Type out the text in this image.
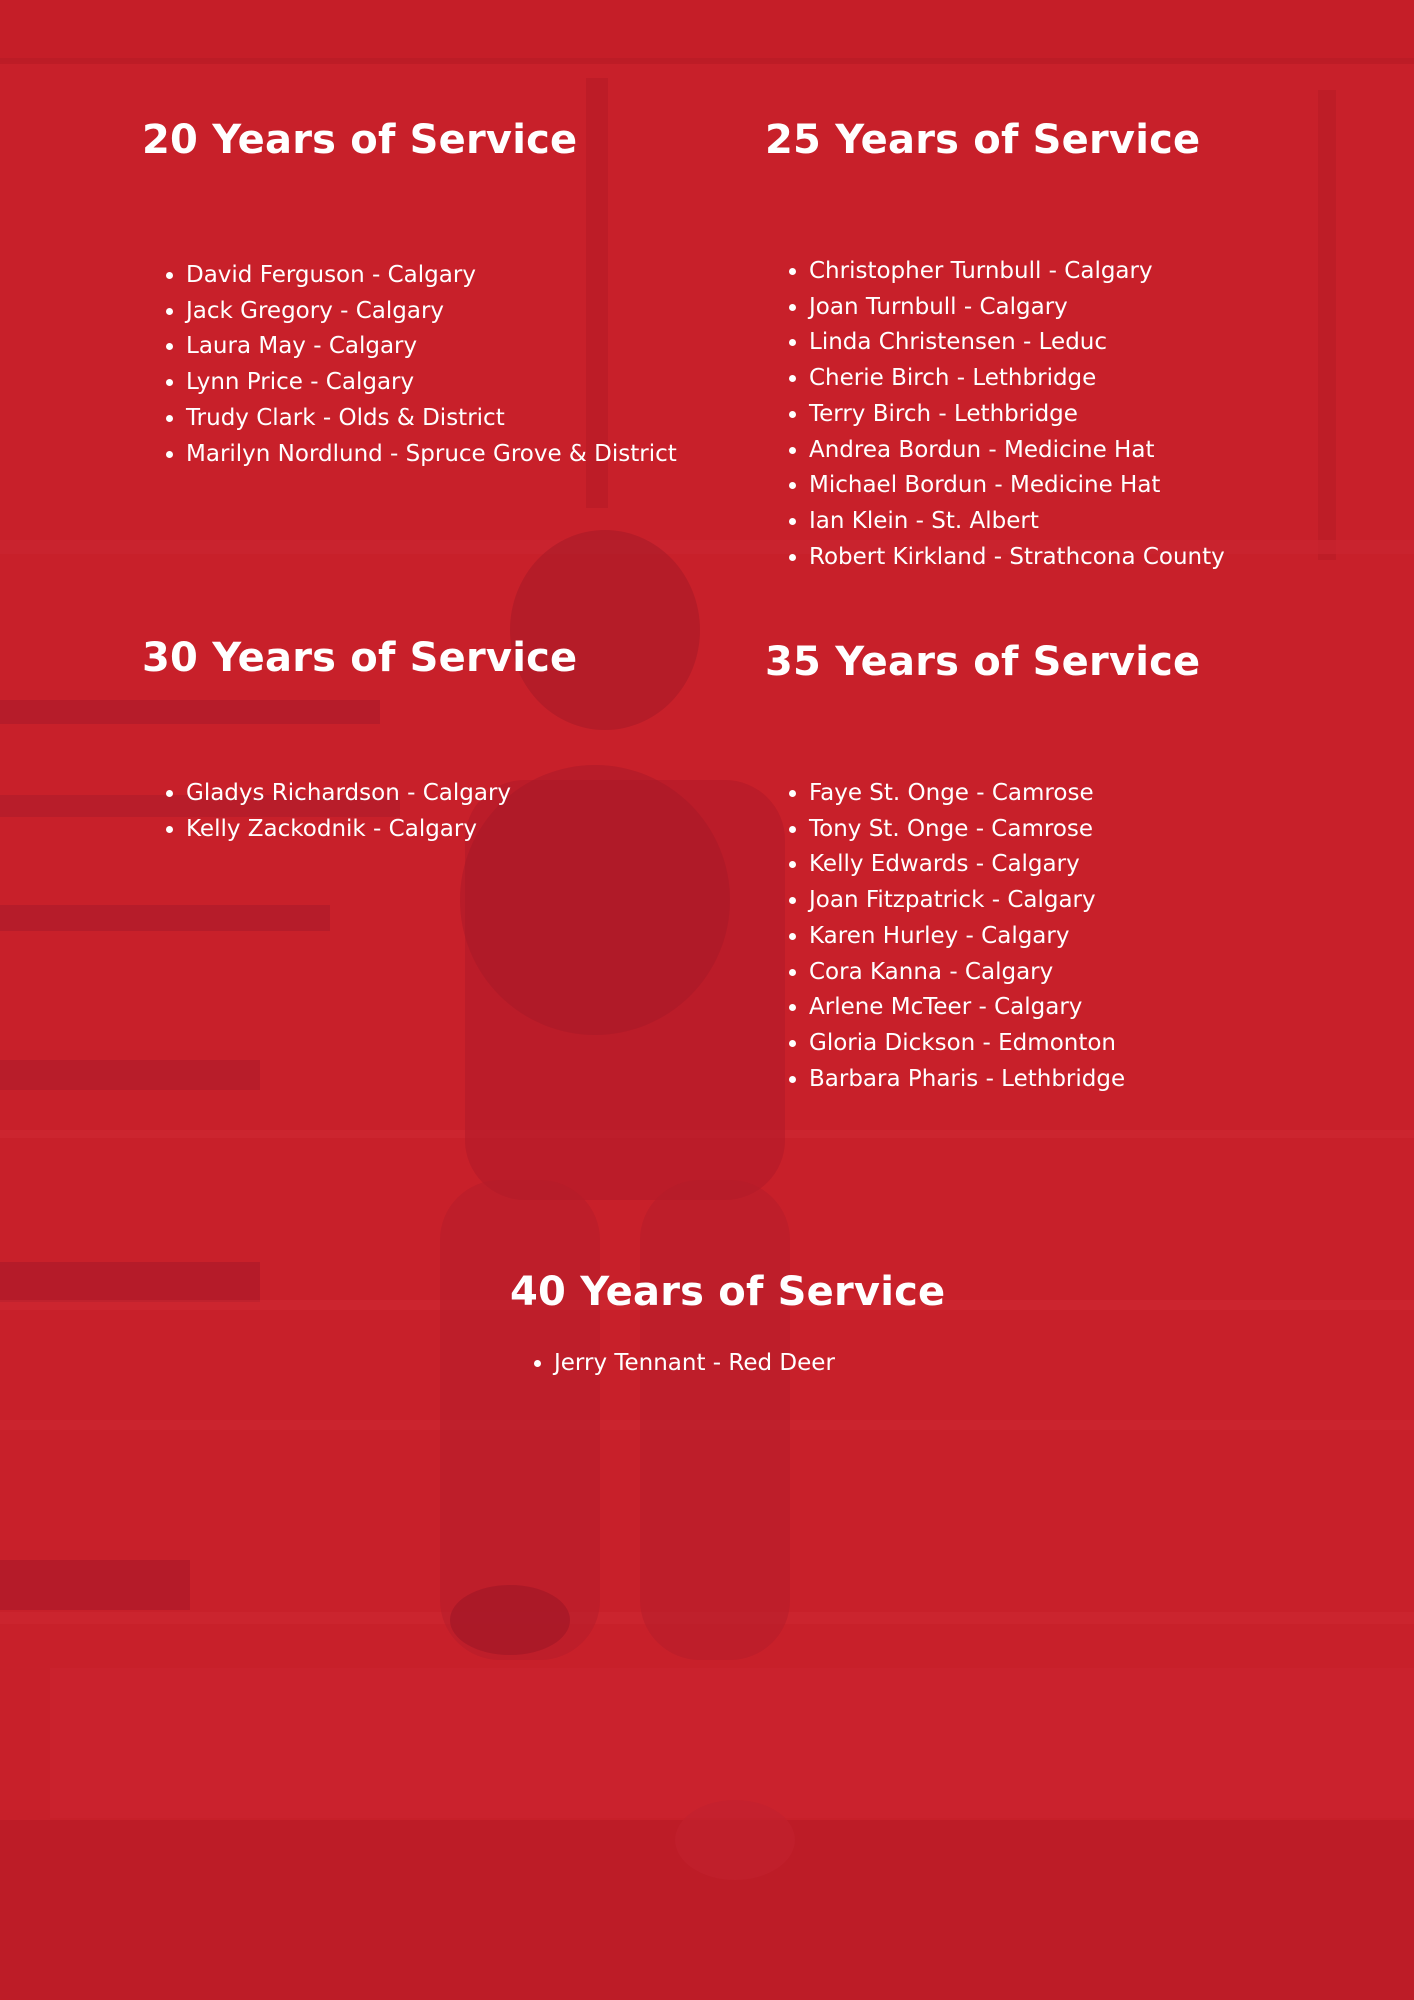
20 Years of Service
• David Ferguson - Calgary
• Jack Gregory - Calgary
• Laura May - Calgary
• Lynn Price - Calgary
• Trudy Clark - Olds & District
• Marilyn Nordlund - Spruce Grove & District
25 Years of Service
• Christopher Turnbull - Calgary
• Joan Turnbull - Calgary
• Linda Christensen - Leduc
• Cherie Birch - Lethbridge
• Terry Birch - Lethbridge
• Andrea Bordun - Medicine Hat
• Michael Bordun - Medicine Hat
• Ian Klein - St. Albert
• Robert Kirkland - Strathcona County
30 Years of Service
• Gladys Richardson - Calgary
• Kelly Zackodnik - Calgary
35 Years of Service
• Faye St. Onge - Camrose
• Tony St. Onge - Camrose
• Kelly Edwards - Calgary
• Joan Fitzpatrick - Calgary
• Karen Hurley - Calgary
• Cora Kanna - Calgary
• Arlene McTeer - Calgary
• Gloria Dickson - Edmonton
• Barbara Pharis - Lethbridge
40 Years of Service
• Jerry Tennant - Red Deer
